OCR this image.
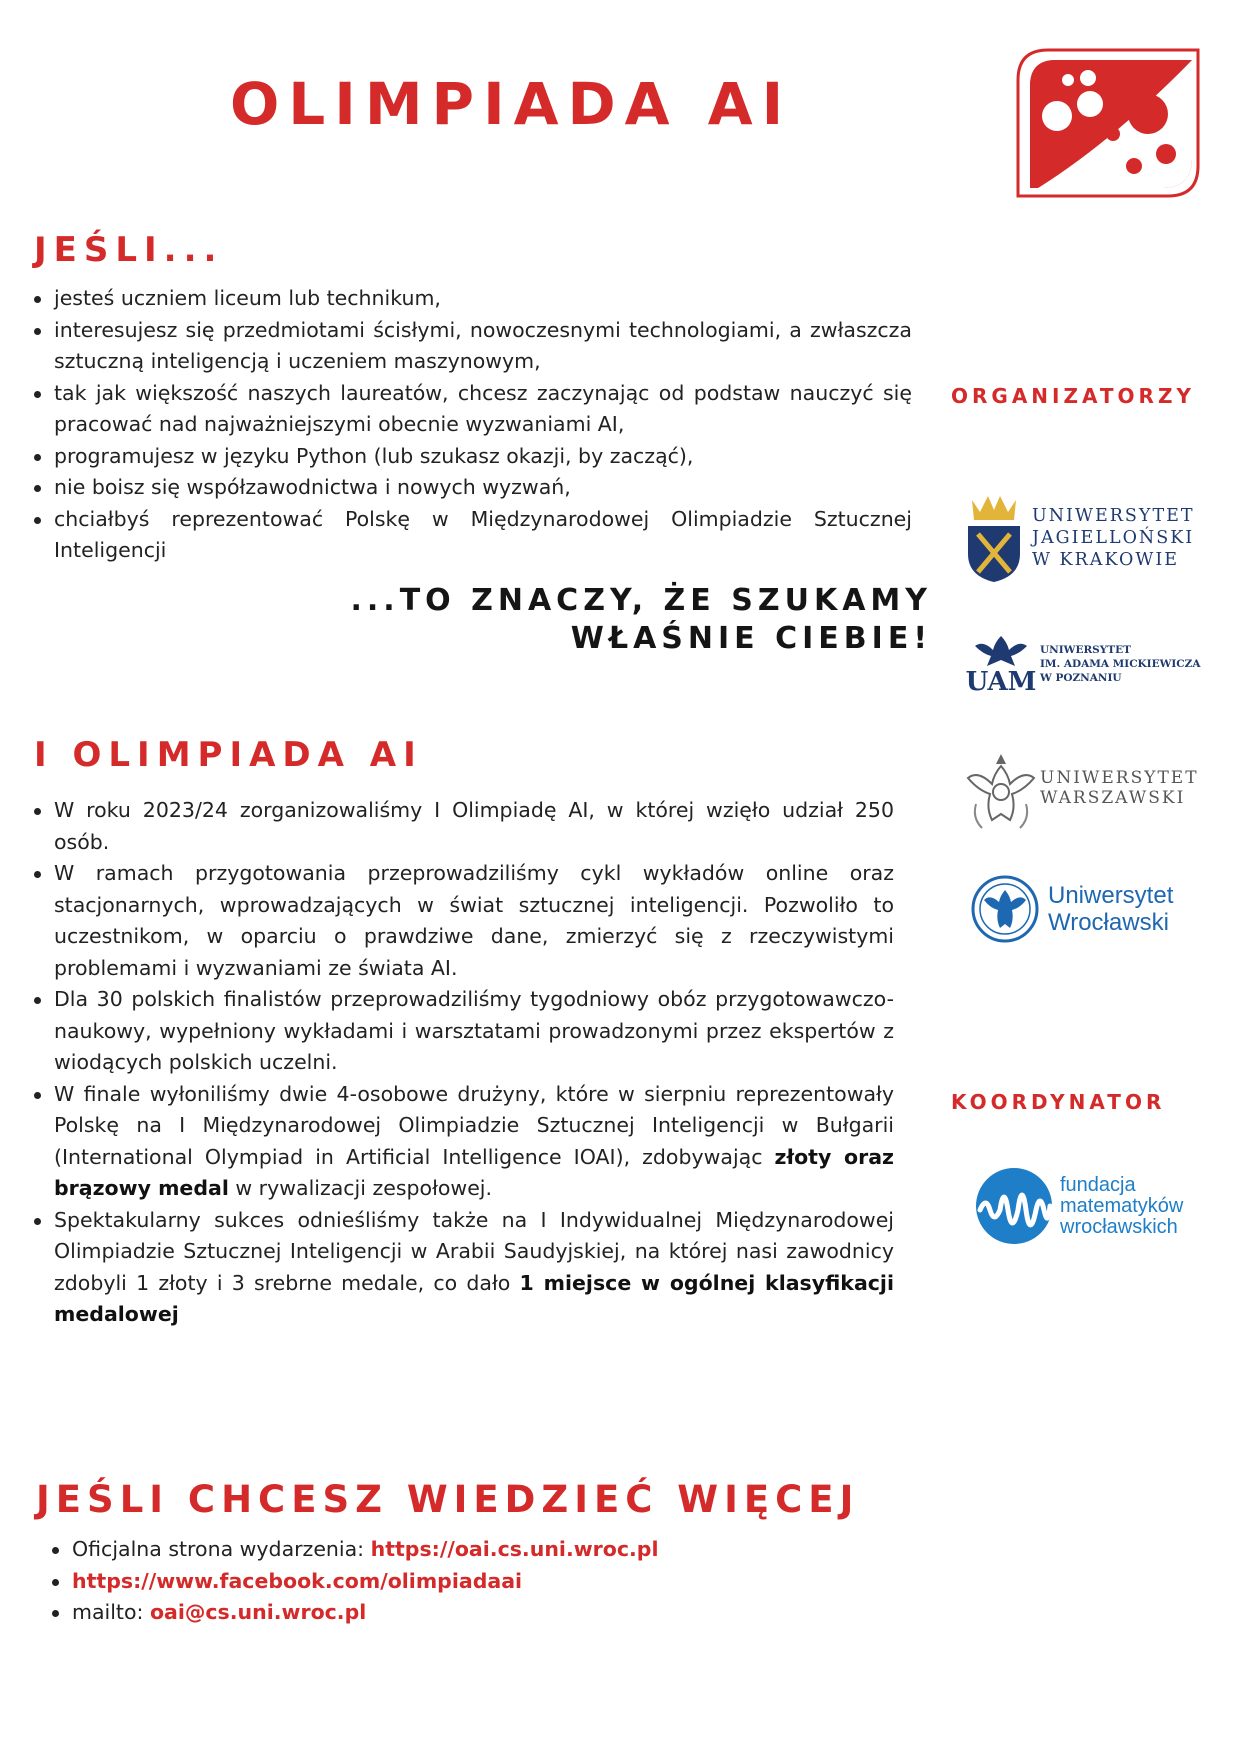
OLIMPIADA AI
JEŚLI...
jesteś uczniem liceum lub technikum,
interesujesz się przedmiotami ścisłymi, nowoczesnymi technologiami, a zwłaszcza sztuczną inteligencją i uczeniem maszynowym,
tak jak większość naszych laureatów, chcesz zaczynając od podstaw nauczyć się pracować nad najważniejszymi obecnie wyzwaniami AI,
programujesz w języku Python (lub szukasz okazji, by zacząć),
nie boisz się współzawodnictwa i nowych wyzwań,
chciałbyś reprezentować Polskę w Międzynarodowej Olimpiadzie Sztucznej Inteligencji
...TO ZNACZY, ŻE SZUKAMY
WŁAŚNIE CIEBIE!
I OLIMPIADA AI
W roku 2023/24 zorganizowaliśmy I Olimpiadę AI, w której wzięło udział 250 osób.
W ramach przygotowania przeprowadziliśmy cykl wykładów online oraz stacjonarnych, wprowadzających w świat sztucznej inteligencji. Pozwoliło to uczestnikom, w oparciu o prawdziwe dane, zmierzyć się z rzeczywistymi problemami i wyzwaniami ze świata AI.
Dla 30 polskich finalistów przeprowadziliśmy tygodniowy obóz przygotowawczo-naukowy, wypełniony wykładami i warsztatami prowadzonymi przez ekspertów z wiodących polskich uczelni.
W finale wyłoniliśmy dwie 4-osobowe drużyny, które w sierpniu reprezentowały Polskę na I Międzynarodowej Olimpiadzie Sztucznej Inteligencji w Bułgarii (International Olympiad in Artificial Intelligence IOAI), zdobywając złoty oraz brązowy medal w rywalizacji zespołowej.
Spektakularny sukces odnieśliśmy także na I Indywidualnej Międzynarodowej Olimpiadzie Sztucznej Inteligencji w Arabii Saudyjskiej, na której nasi zawodnicy zdobyli 1 złoty i 3 srebrne medale, co dało 1 miejsce w ogólnej klasyfikacji medalowej
JEŚLI CHCESZ WIEDZIEĆ WIĘCEJ
Oficjalna strona wydarzenia: https://oai.cs.uni.wroc.pl
https://www.facebook.com/olimpiadaai
mailto: oai@cs.uni.wroc.pl
ORGANIZATORZY
UNIWERSYTET
JAGIELLOŃSKI
W KRAKOWIE
UAM
UNIWERSYTET
IM. ADAMA MICKIEWICZA
W POZNANIU
UNIWERSYTET
WARSZAWSKI
Uniwersytet
Wrocławski
KOORDYNATOR
fundacja
matematyków
wrocławskich
